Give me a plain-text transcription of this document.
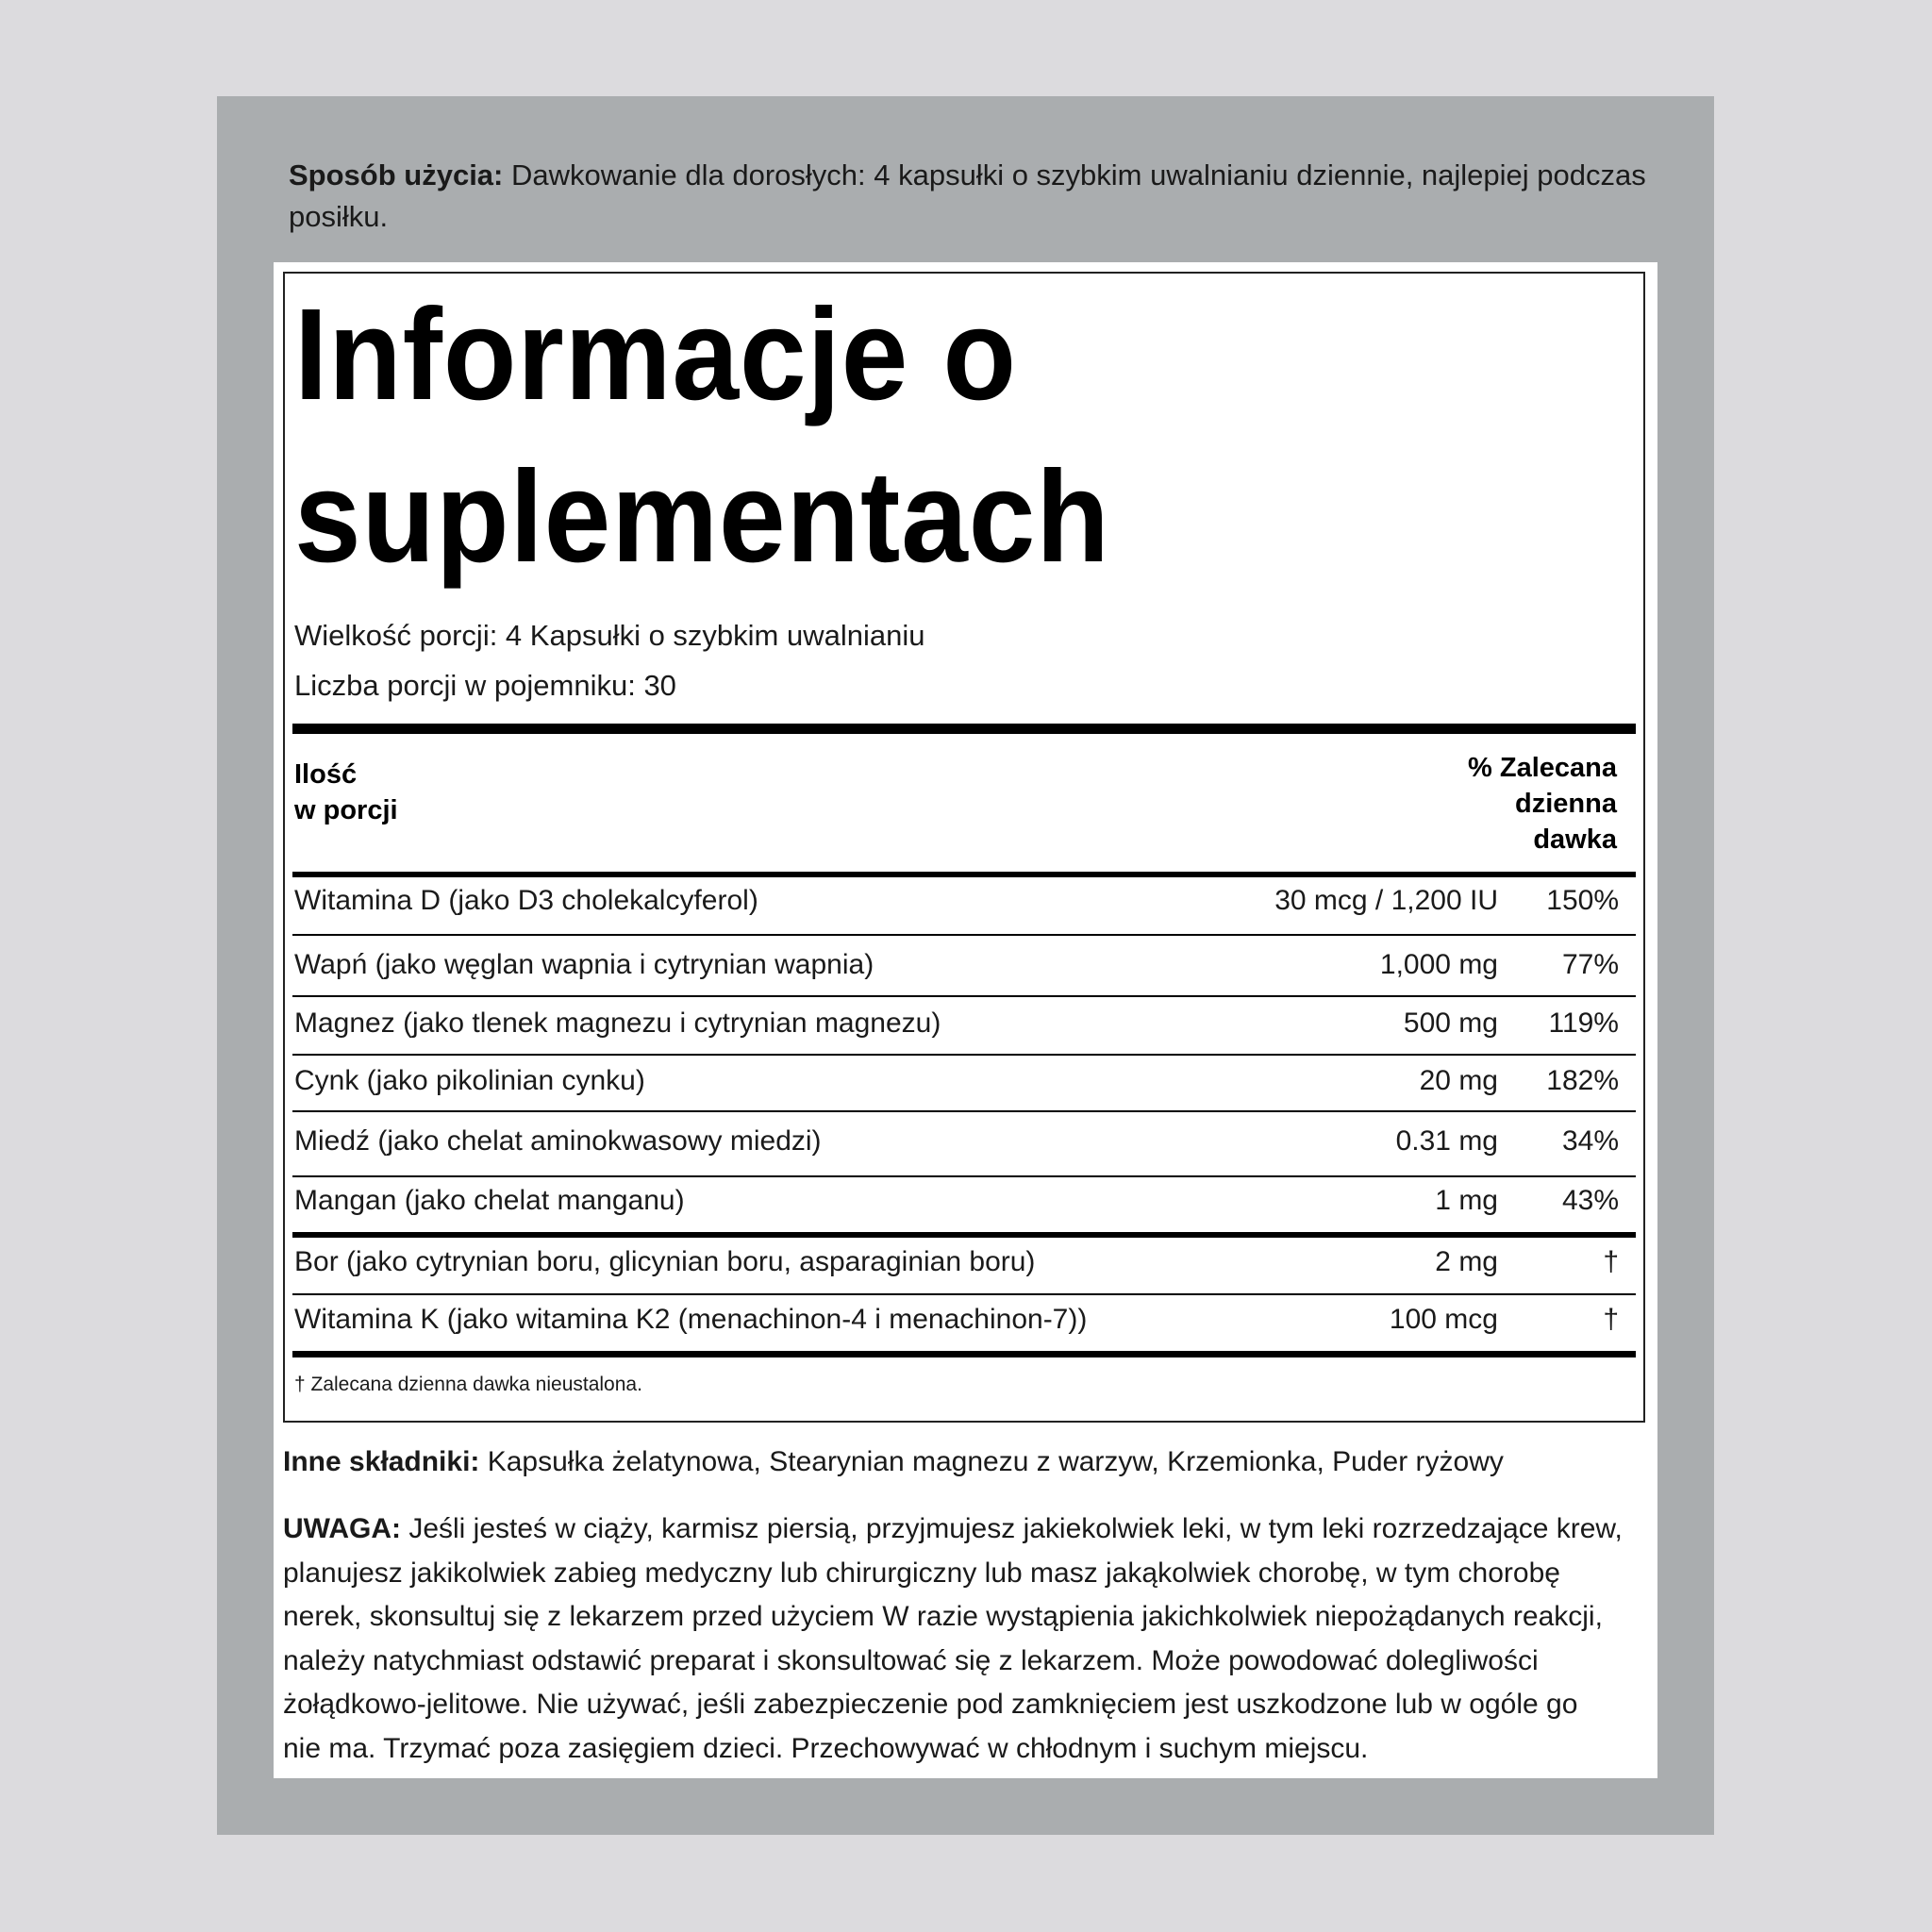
Sposób użycia: Dawkowanie dla dorosłych: 4 kapsułki o szybkim uwalnianiu dziennie, najlepiej podczas posiłku.
Informacje o
suplementach
Wielkość porcji: 4 Kapsułki o szybkim uwalnianiu
Liczba porcji w pojemniku: 30
Ilość
w porcji
% Zalecana
dzienna
dawka
Witamina D (jako D3 cholekalcyferol)	30 mcg / 1,200 IU 150%
Wapń (jako węglan wapnia i cytrynian wapnia)	1,000 mg 77%
Magnez (jako tlenek magnezu i cytrynian magnezu)	500 mg 119%
Cynk (jako pikolinian cynku)	20 mg 182%
Miedź (jako chelat aminokwasowy miedzi)	0.31 mg 34%
Mangan (jako chelat manganu)	1 mg 43%
Bor (jako cytrynian boru, glicynian boru, asparaginian boru)	2 mg	†
Witamina K (jako witamina K2 (menachinon-4 i menachinon-7))	100 mcg	†
† Zalecana dzienna dawka nieustalona.
Inne składniki: Kapsułka żelatynowa, Stearynian magnezu z warzyw, Krzemionka, Puder ryżowy
UWAGA: Jeśli jesteś w ciąży, karmisz piersią, przyjmujesz jakiekolwiek leki, w tym leki rozrzedzające krew, planujesz jakikolwiek zabieg medyczny lub chirurgiczny lub masz jakąkolwiek chorobę, w tym chorobę nerek, skonsultuj się z lekarzem przed użyciem W razie wystąpienia jakichkolwiek niepożądanych reakcji, należy natychmiast odstawić preparat i skonsultować się z lekarzem. Może powodować dolegliwości żołądkowo-jelitowe. Nie używać, jeśli zabezpieczenie pod zamknięciem jest uszkodzone lub w ogóle go nie ma. Trzymać poza zasięgiem dzieci. Przechowywać w chłodnym i suchym miejscu.
